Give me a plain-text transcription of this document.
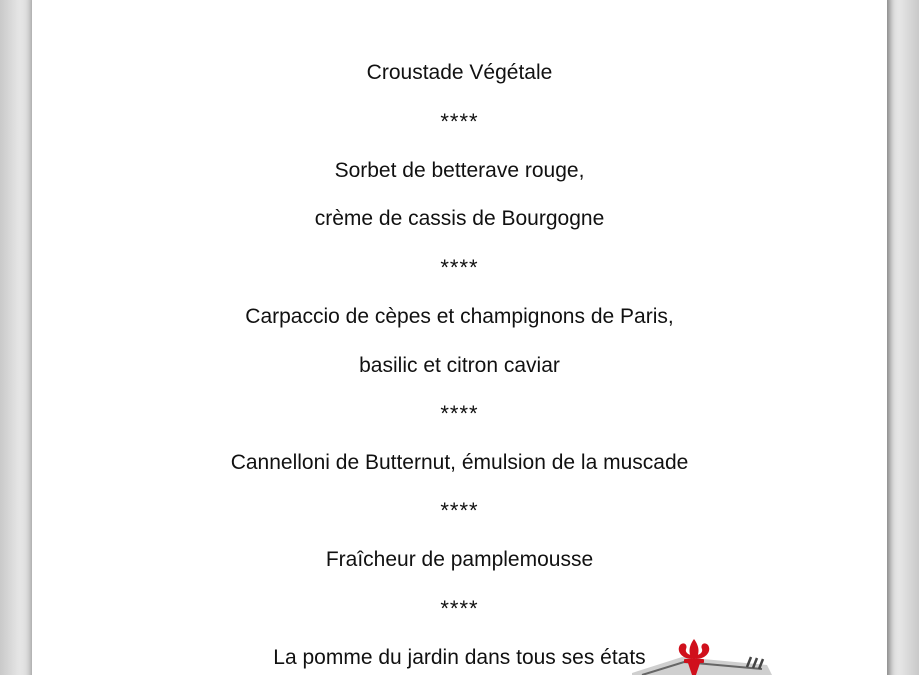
Croustade Végétale
****
Sorbet de betterave rouge,
crème de cassis de Bourgogne
****
Carpaccio de cèpes et champignons de Paris,
basilic et citron caviar
****
Cannelloni de Butternut, émulsion de la muscade
****
Fraîcheur de pamplemousse
****
La pomme du jardin dans tous ses états
